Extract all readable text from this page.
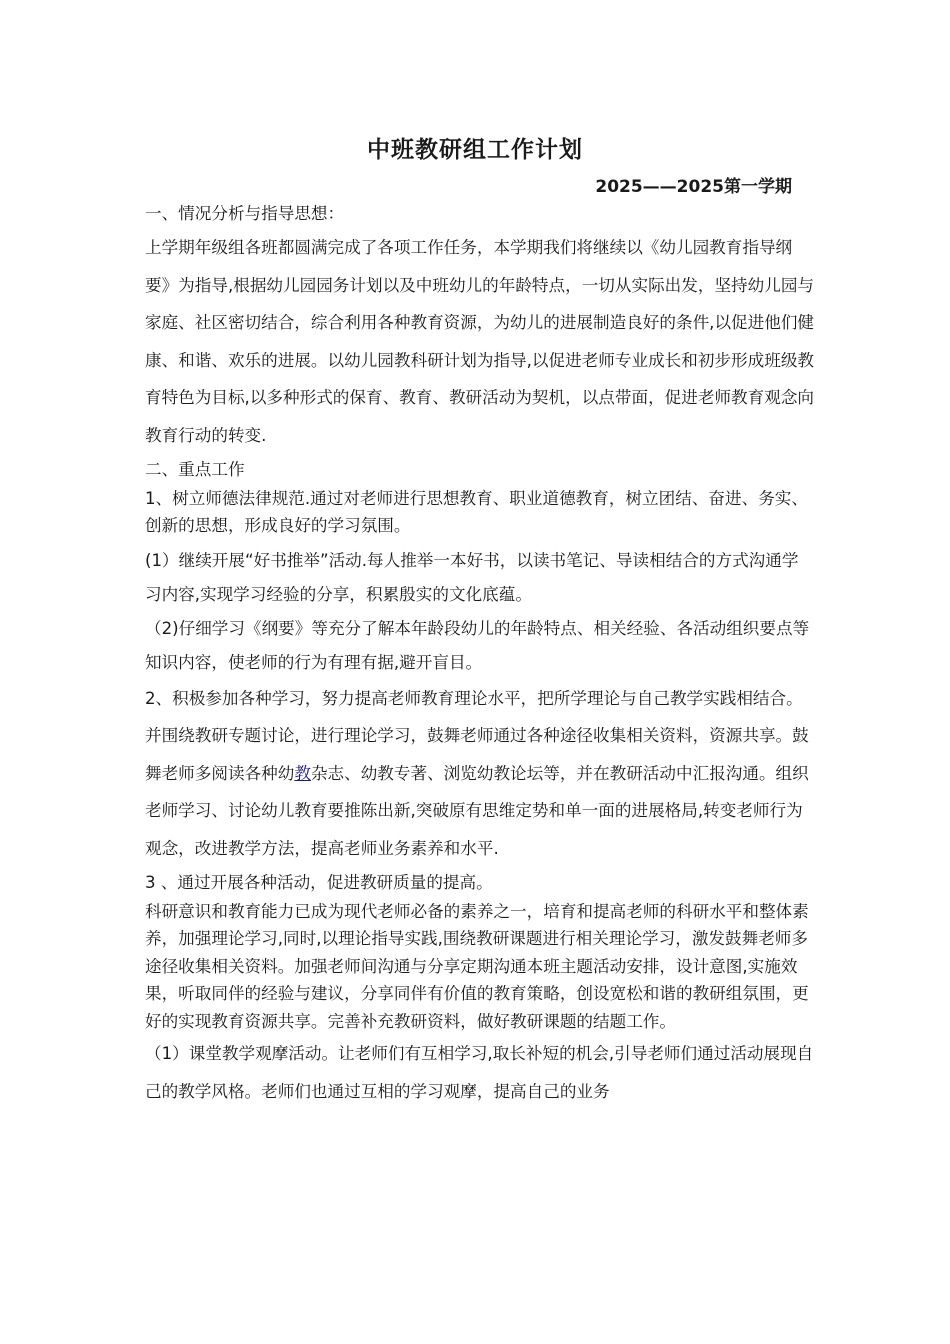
中班教研组工作计划
2025——2025第一学期

一、情况分析与指导思想：

上学期年级组各班都圆满完成了各项工作任务，本学期我们将继续以《幼儿园教育指导纲要》为指导,根据幼儿园园务计划以及中班幼儿的年龄特点，一切从实际出发，坚持幼儿园与家庭、社区密切结合，综合利用各种教育资源，为幼儿的进展制造良好的条件,以促进他们健康、和谐、欢乐的进展。以幼儿园教科研计划为指导,以促进老师专业成长和初步形成班级教育特色为目标,以多种形式的保育、教育、教研活动为契机，以点带面，促进老师教育观念向教育行动的转变.

二、重点工作

1、树立师德法律规范.通过对老师进行思想教育、职业道德教育，树立团结、奋进、务实、创新的思想，形成良好的学习氛围。

(1）继续开展“好书推举”活动.每人推举一本好书，以读书笔记、导读相结合的方式沟通学习内容,实现学习经验的分享，积累殷实的文化底蕴。

（2)仔细学习《纲要》等充分了解本年龄段幼儿的年龄特点、相关经验、各活动组织要点等知识内容，使老师的行为有理有据,避开盲目。

2、积极参加各种学习，努力提高老师教育理论水平，把所学理论与自己教学实践相结合。并围绕教研专题讨论，进行理论学习，鼓舞老师通过各种途径收集相关资料，资源共享。鼓舞老师多阅读各种幼教杂志、幼教专著、浏览幼教论坛等，并在教研活动中汇报沟通。组织老师学习、讨论幼儿教育要推陈出新,突破原有思维定势和单一面的进展格局,转变老师行为观念，改进教学方法，提高老师业务素养和水平.

3 、通过开展各种活动，促进教研质量的提高。

科研意识和教育能力已成为现代老师必备的素养之一，培育和提高老师的科研水平和整体素养，加强理论学习,同时,以理论指导实践,围绕教研课题进行相关理论学习，激发鼓舞老师多途径收集相关资料。加强老师间沟通与分享定期沟通本班主题活动安排，设计意图,实施效果，听取同伴的经验与建议，分享同伴有价值的教育策略，创设宽松和谐的教研组氛围，更好的实现教育资源共享。完善补充教研资料，做好教研课题的结题工作。

（1）课堂教学观摩活动。让老师们有互相学习,取长补短的机会,引导老师们通过活动展现自己的教学风格。老师们也通过互相的学习观摩，提高自己的业务
